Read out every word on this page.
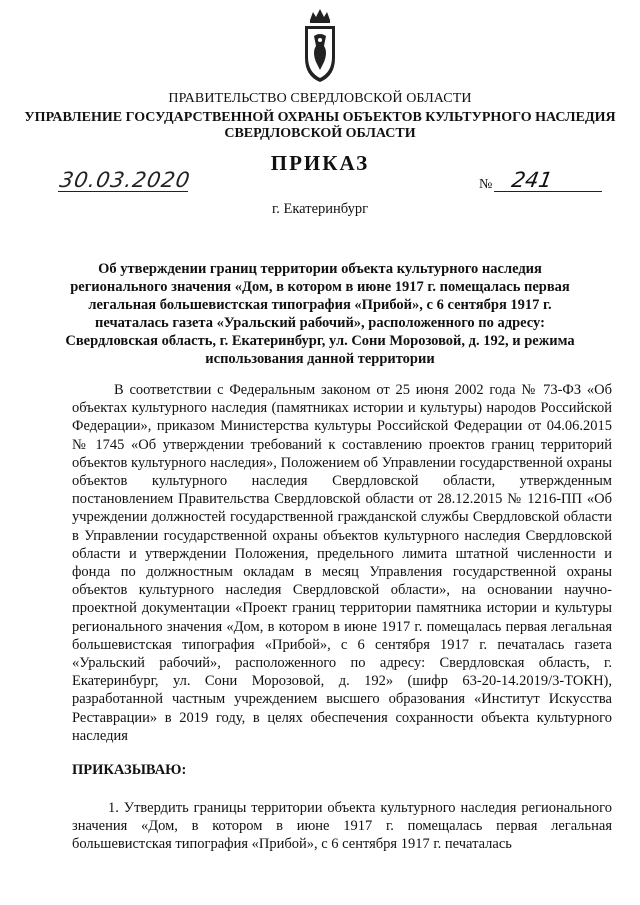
ПРАВИТЕЛЬСТВО СВЕРДЛОВСКОЙ ОБЛАСТИ
УПРАВЛЕНИЕ ГОСУДАРСТВЕННОЙ ОХРАНЫ ОБЪЕКТОВ КУЛЬТУРНОГО НАСЛЕДИЯ
СВЕРДЛОВСКОЙ ОБЛАСТИ
ПРИКАЗ
30.03.2020	№ 241
г. Екатеринбург
Об утверждении границ территории объекта культурного наследия регионального значения «Дом, в котором в июне 1917 г. помещалась первая легальная большевистская типография «Прибой», с 6 сентября 1917 г. печаталась газета «Уральский рабочий», расположенного по адресу: Свердловская область, г. Екатеринбург, ул. Сони Морозовой, д. 192, и режима использования данной территории
В соответствии с Федеральным законом от 25 июня 2002 года № 73-ФЗ «Об объектах культурного наследия (памятниках истории и культуры) народов Российской Федерации», приказом Министерства культуры Российской Федерации от 04.06.2015 № 1745 «Об утверждении требований к составлению проектов границ территорий объектов культурного наследия», Положением об Управлении государственной охраны объектов культурного наследия Свердловской области, утвержденным постановлением Правительства Свердловской области от 28.12.2015 № 1216-ПП «Об учреждении должностей государственной гражданской службы Свердловской области в Управлении государственной охраны объектов культурного наследия Свердловской области и утверждении Положения, предельного лимита штатной численности и фонда по должностным окладам в месяц Управления государственной охраны объектов культурного наследия Свердловской области», на основании научно-проектной документации «Проект границ территории памятника истории и культуры регионального значения «Дом, в котором в июне 1917 г. помещалась первая легальная большевистская типография «Прибой», с 6 сентября 1917 г. печаталась газета «Уральский рабочий», расположенного по адресу: Свердловская область, г. Екатеринбург, ул. Сони Морозовой, д. 192» (шифр 63-20-14.2019/3-ТОКН), разработанной частным учреждением высшего образования «Институт Искусства Реставрации» в 2019 году, в целях обеспечения сохранности объекта культурного наследия
ПРИКАЗЫВАЮ:
1. Утвердить границы территории объекта культурного наследия регионального значения «Дом, в котором в июне 1917 г. помещалась первая легальная большевистская типография «Прибой», с 6 сентября 1917 г. печаталась
